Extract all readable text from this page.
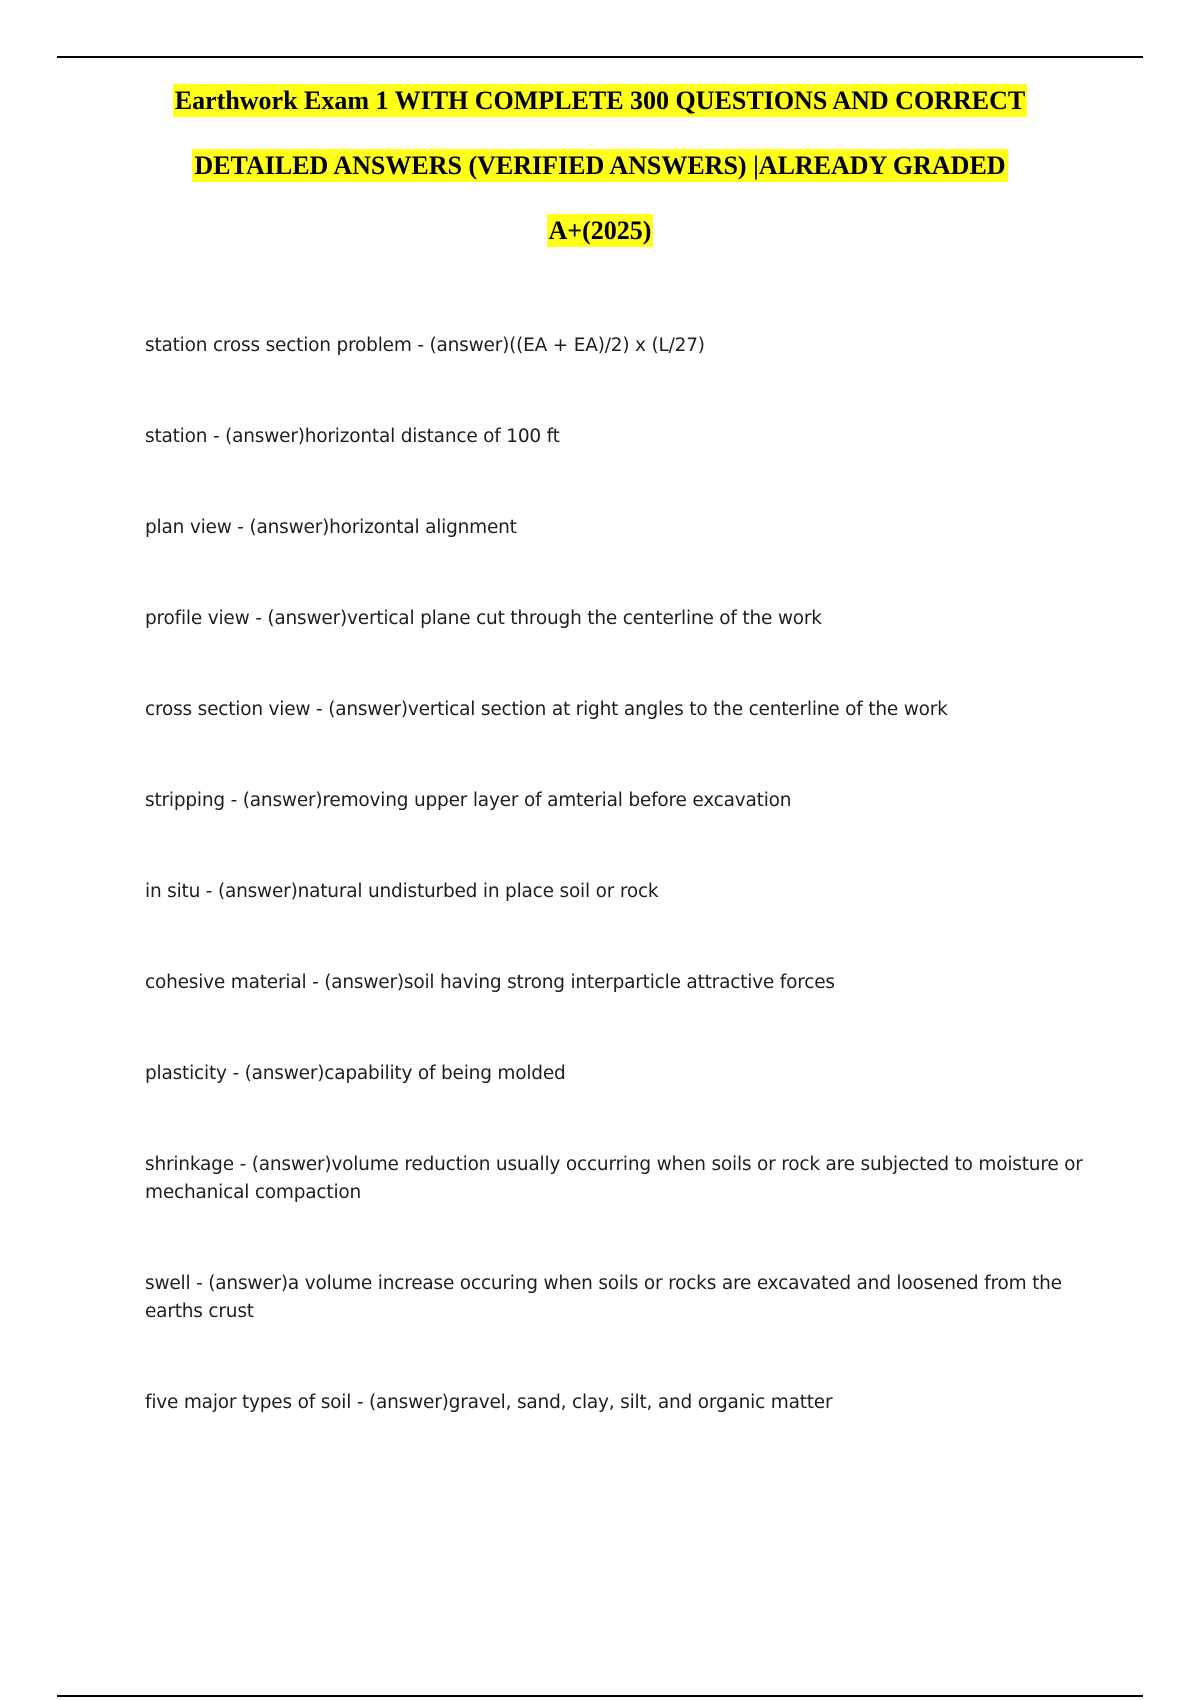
Earthwork Exam 1 WITH COMPLETE 300 QUESTIONS AND CORRECT
DETAILED ANSWERS (VERIFIED ANSWERS) |ALREADY GRADED
A+(2025)

station cross section problem - (answer)((EA + EA)/2) x (L/27)

station - (answer)horizontal distance of 100 ft

plan view - (answer)horizontal alignment

profile view - (answer)vertical plane cut through the centerline of the work

cross section view - (answer)vertical section at right angles to the centerline of the work

stripping - (answer)removing upper layer of amterial before excavation

in situ - (answer)natural undisturbed in place soil or rock

cohesive material - (answer)soil having strong interparticle attractive forces

plasticity - (answer)capability of being molded

shrinkage - (answer)volume reduction usually occurring when soils or rock are subjected to moisture or mechanical compaction

swell - (answer)a volume increase occuring when soils or rocks are excavated and loosened from the earths crust

five major types of soil - (answer)gravel, sand, clay, silt, and organic matter
